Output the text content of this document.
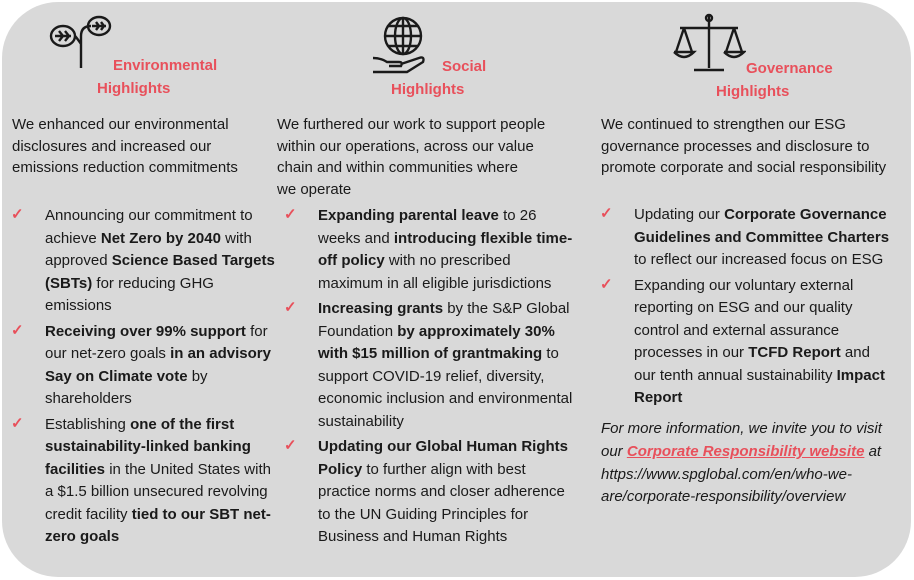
Environmental
Highlights
We enhanced our environmental
disclosures and increased our
emissions reduction commitments
✓ Announcing our commitment to achieve Net Zero by 2040 with approved Science Based Targets (SBTs) for reducing GHG emissions
✓ Receiving over 99% support for our net-zero goals in an advisory Say on Climate vote by shareholders
✓ Establishing one of the first sustainability-linked banking facilities in the United States with a $1.5 billion unsecured revolving credit facility tied to our SBT net-zero goals
Social
Highlights
We furthered our work to support people
within our operations, across our value
chain and within communities where
we operate
✓ Expanding parental leave to 26 weeks and introducing flexible time-off policy with no prescribed maximum in all eligible jurisdictions
✓ Increasing grants by the S&P Global Foundation by approximately 30% with $15 million of grantmaking to support COVID-19 relief, diversity, economic inclusion and environmental sustainability
✓ Updating our Global Human Rights Policy to further align with best practice norms and closer adherence to the UN Guiding Principles for Business and Human Rights
Governance
Highlights
We continued to strengthen our ESG
governance processes and disclosure to
promote corporate and social responsibility
✓ Updating our Corporate Governance Guidelines and Committee Charters to reflect our increased focus on ESG
✓ Expanding our voluntary external reporting on ESG and our quality control and external assurance processes in our TCFD Report and our tenth annual sustainability Impact Report
For more information, we invite you to visit our Corporate Responsibility website at https://www.spglobal.com/en/who-we-are/corporate-responsibility/overview
